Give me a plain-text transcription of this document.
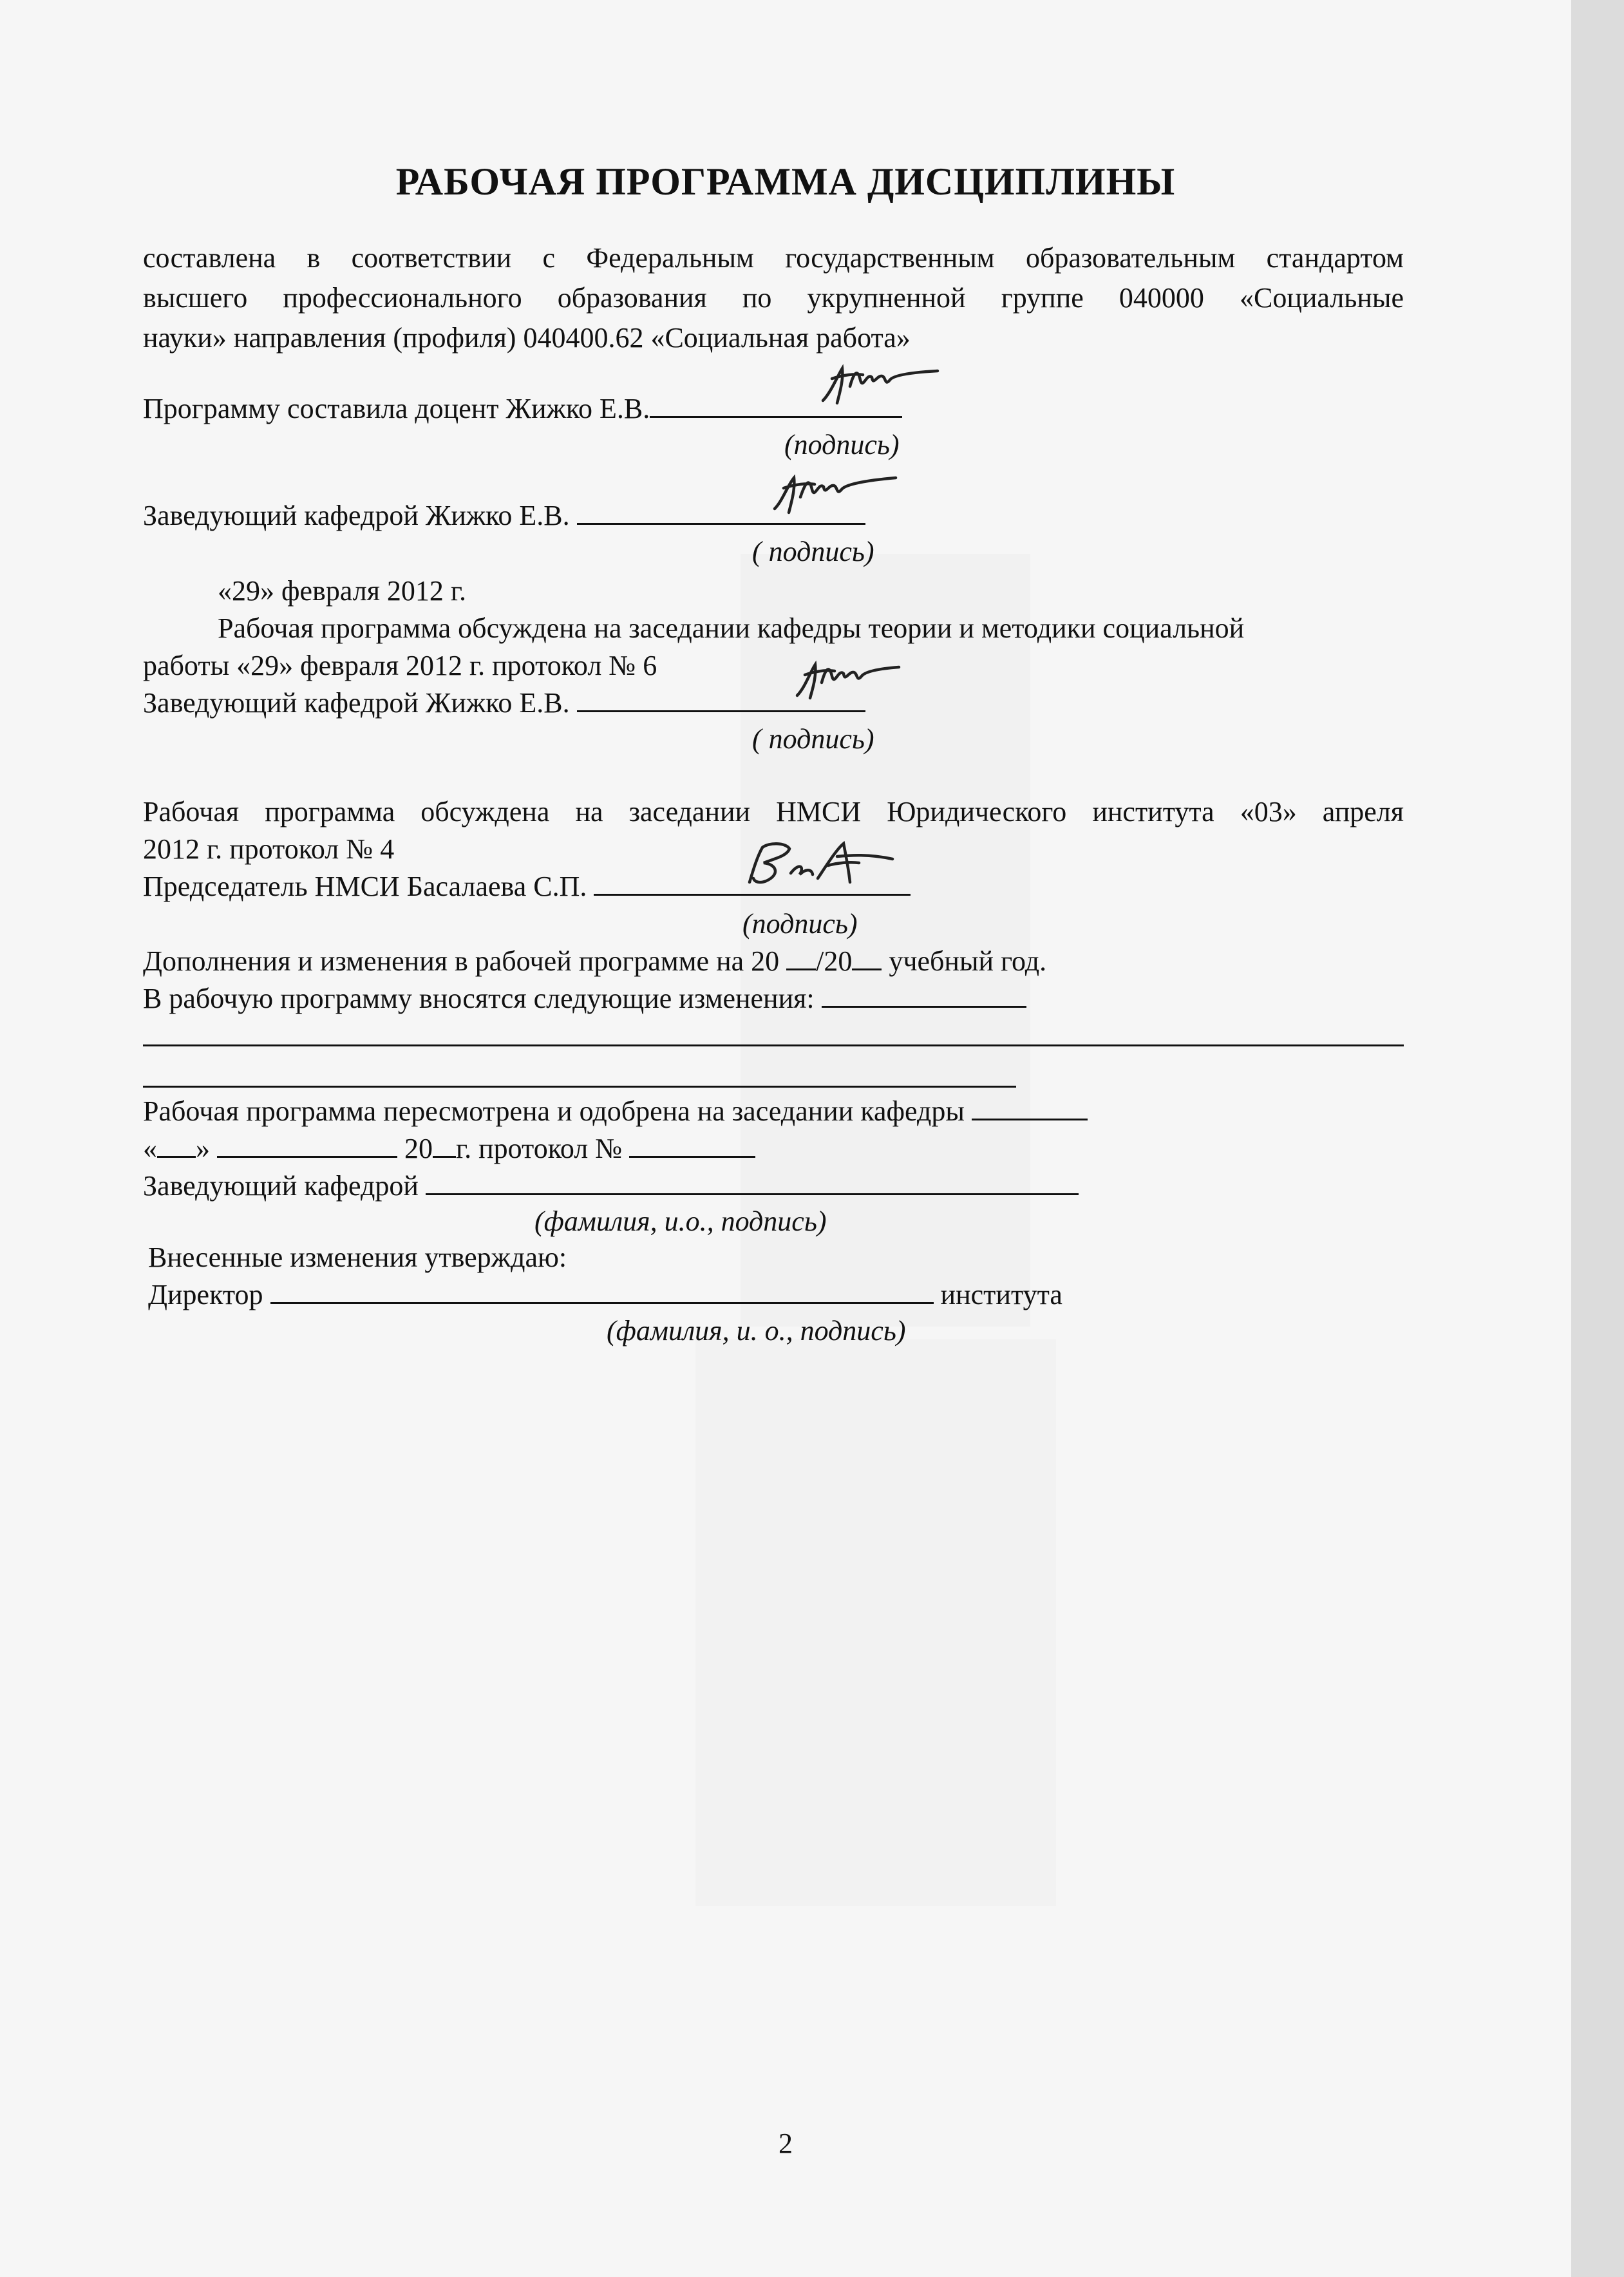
РАБОЧАЯ ПРОГРАММА ДИСЦИПЛИНЫ
составлена в соответствии с Федеральным государственным образовательным стандартом
высшего профессионального образования по укрупненной группе 040000 «Социальные
науки» направления (профиля) 040400.62 «Социальная работа»
Программу составила доцент Жижко Е.В.
(подпись)
Заведующий кафедрой Жижко Е.В.
( подпись)
«29» февраля 2012 г.
Рабочая программа обсуждена на заседании кафедры теории и методики социальной
работы «29» февраля 2012 г. протокол № 6
Заведующий кафедрой Жижко Е.В.
( подпись)
Рабочая программа обсуждена на заседании НМСИ Юридического института «03» апреля
2012 г. протокол № 4
Председатель НМСИ Басалаева С.П.
(подпись)
Дополнения и изменения в рабочей программе на 20 /20 учебный год.
В рабочую программу вносятся следующие изменения:
Рабочая программа пересмотрена и одобрена на заседании кафедры
« »	20 г. протокол №
Заведующий кафедрой
(фамилия, и.о., подпись)
Внесенные изменения утверждаю:
Директор	института
(фамилия, и. о., подпись)
2
